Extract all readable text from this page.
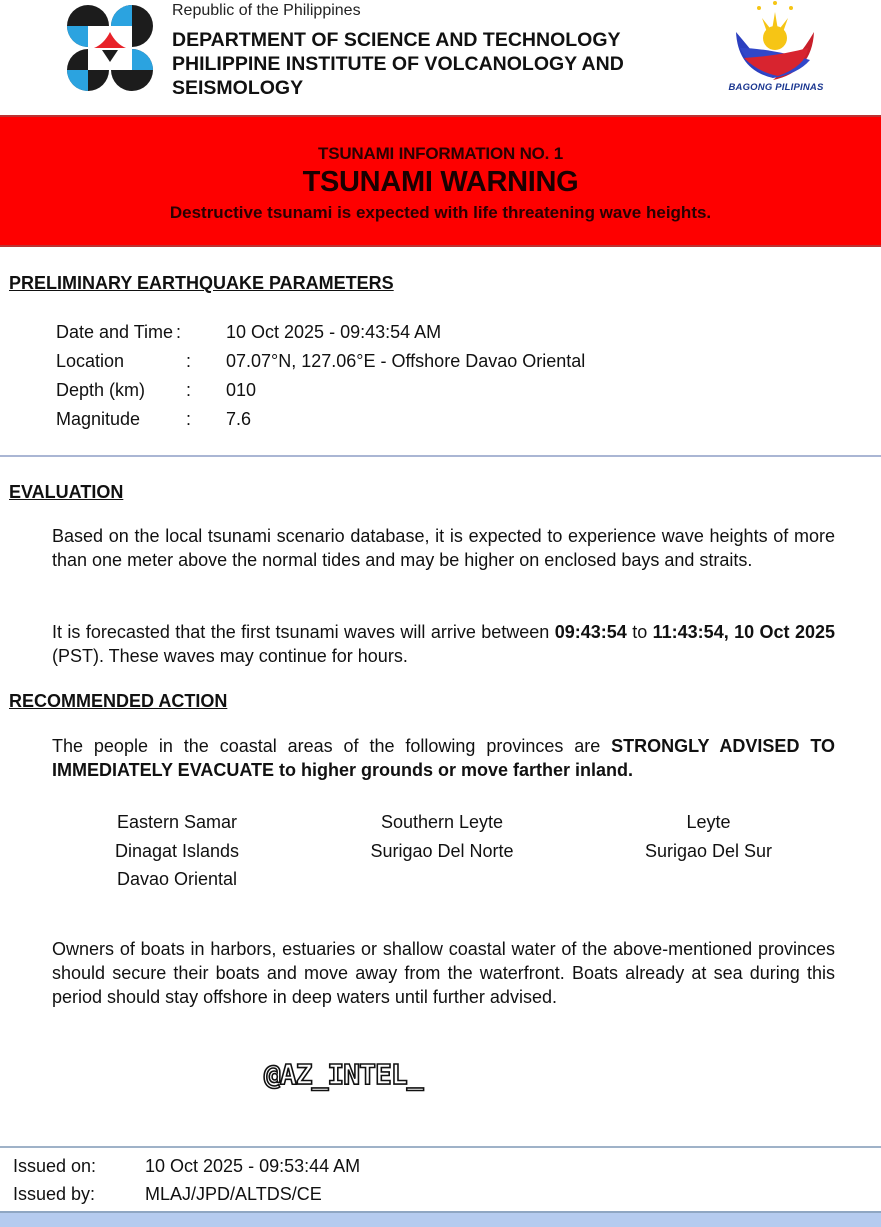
Republic of the Philippines
DEPARTMENT OF SCIENCE AND TECHNOLOGY
PHILIPPINE INSTITUTE OF VOLCANOLOGY AND
SEISMOLOGY	BAGONG PILIPINAS
TSUNAMI INFORMATION NO. 1
TSUNAMI WARNING
Destructive tsunami is expected with life threatening wave heights.
PRELIMINARY EARTHQUAKE PARAMETERS
Date and Time :	10 Oct 2025 - 09:43:54 AM
Location	:	07.07°N, 127.06°E - Offshore Davao Oriental
Depth (km)	:	010
Magnitude	:	7.6
EVALUATION
Based on the local tsunami scenario database, it is expected to experience wave heights of more than one meter above the normal tides and may be higher on enclosed bays and straits.
It is forecasted that the first tsunami waves will arrive between 09:43:54 to 11:43:54, 10 Oct 2025 (PST). These waves may continue for hours.
RECOMMENDED ACTION
The people in the coastal areas of the following provinces are STRONGLY ADVISED TO IMMEDIATELY EVACUATE to higher grounds or move farther inland.
Eastern Samar	Southern Leyte	Leyte
Dinagat Islands	Surigao Del Norte	Surigao Del Sur
Davao Oriental
Owners of boats in harbors, estuaries or shallow coastal water of the above-mentioned provinces should secure their boats and move away from the waterfront. Boats already at sea during this period should stay offshore in deep waters until further advised.
@AZ_INTEL_
Issued on:	10 Oct 2025 - 09:53:44 AM
Issued by:	MLAJ/JPD/ALTDS/CE
